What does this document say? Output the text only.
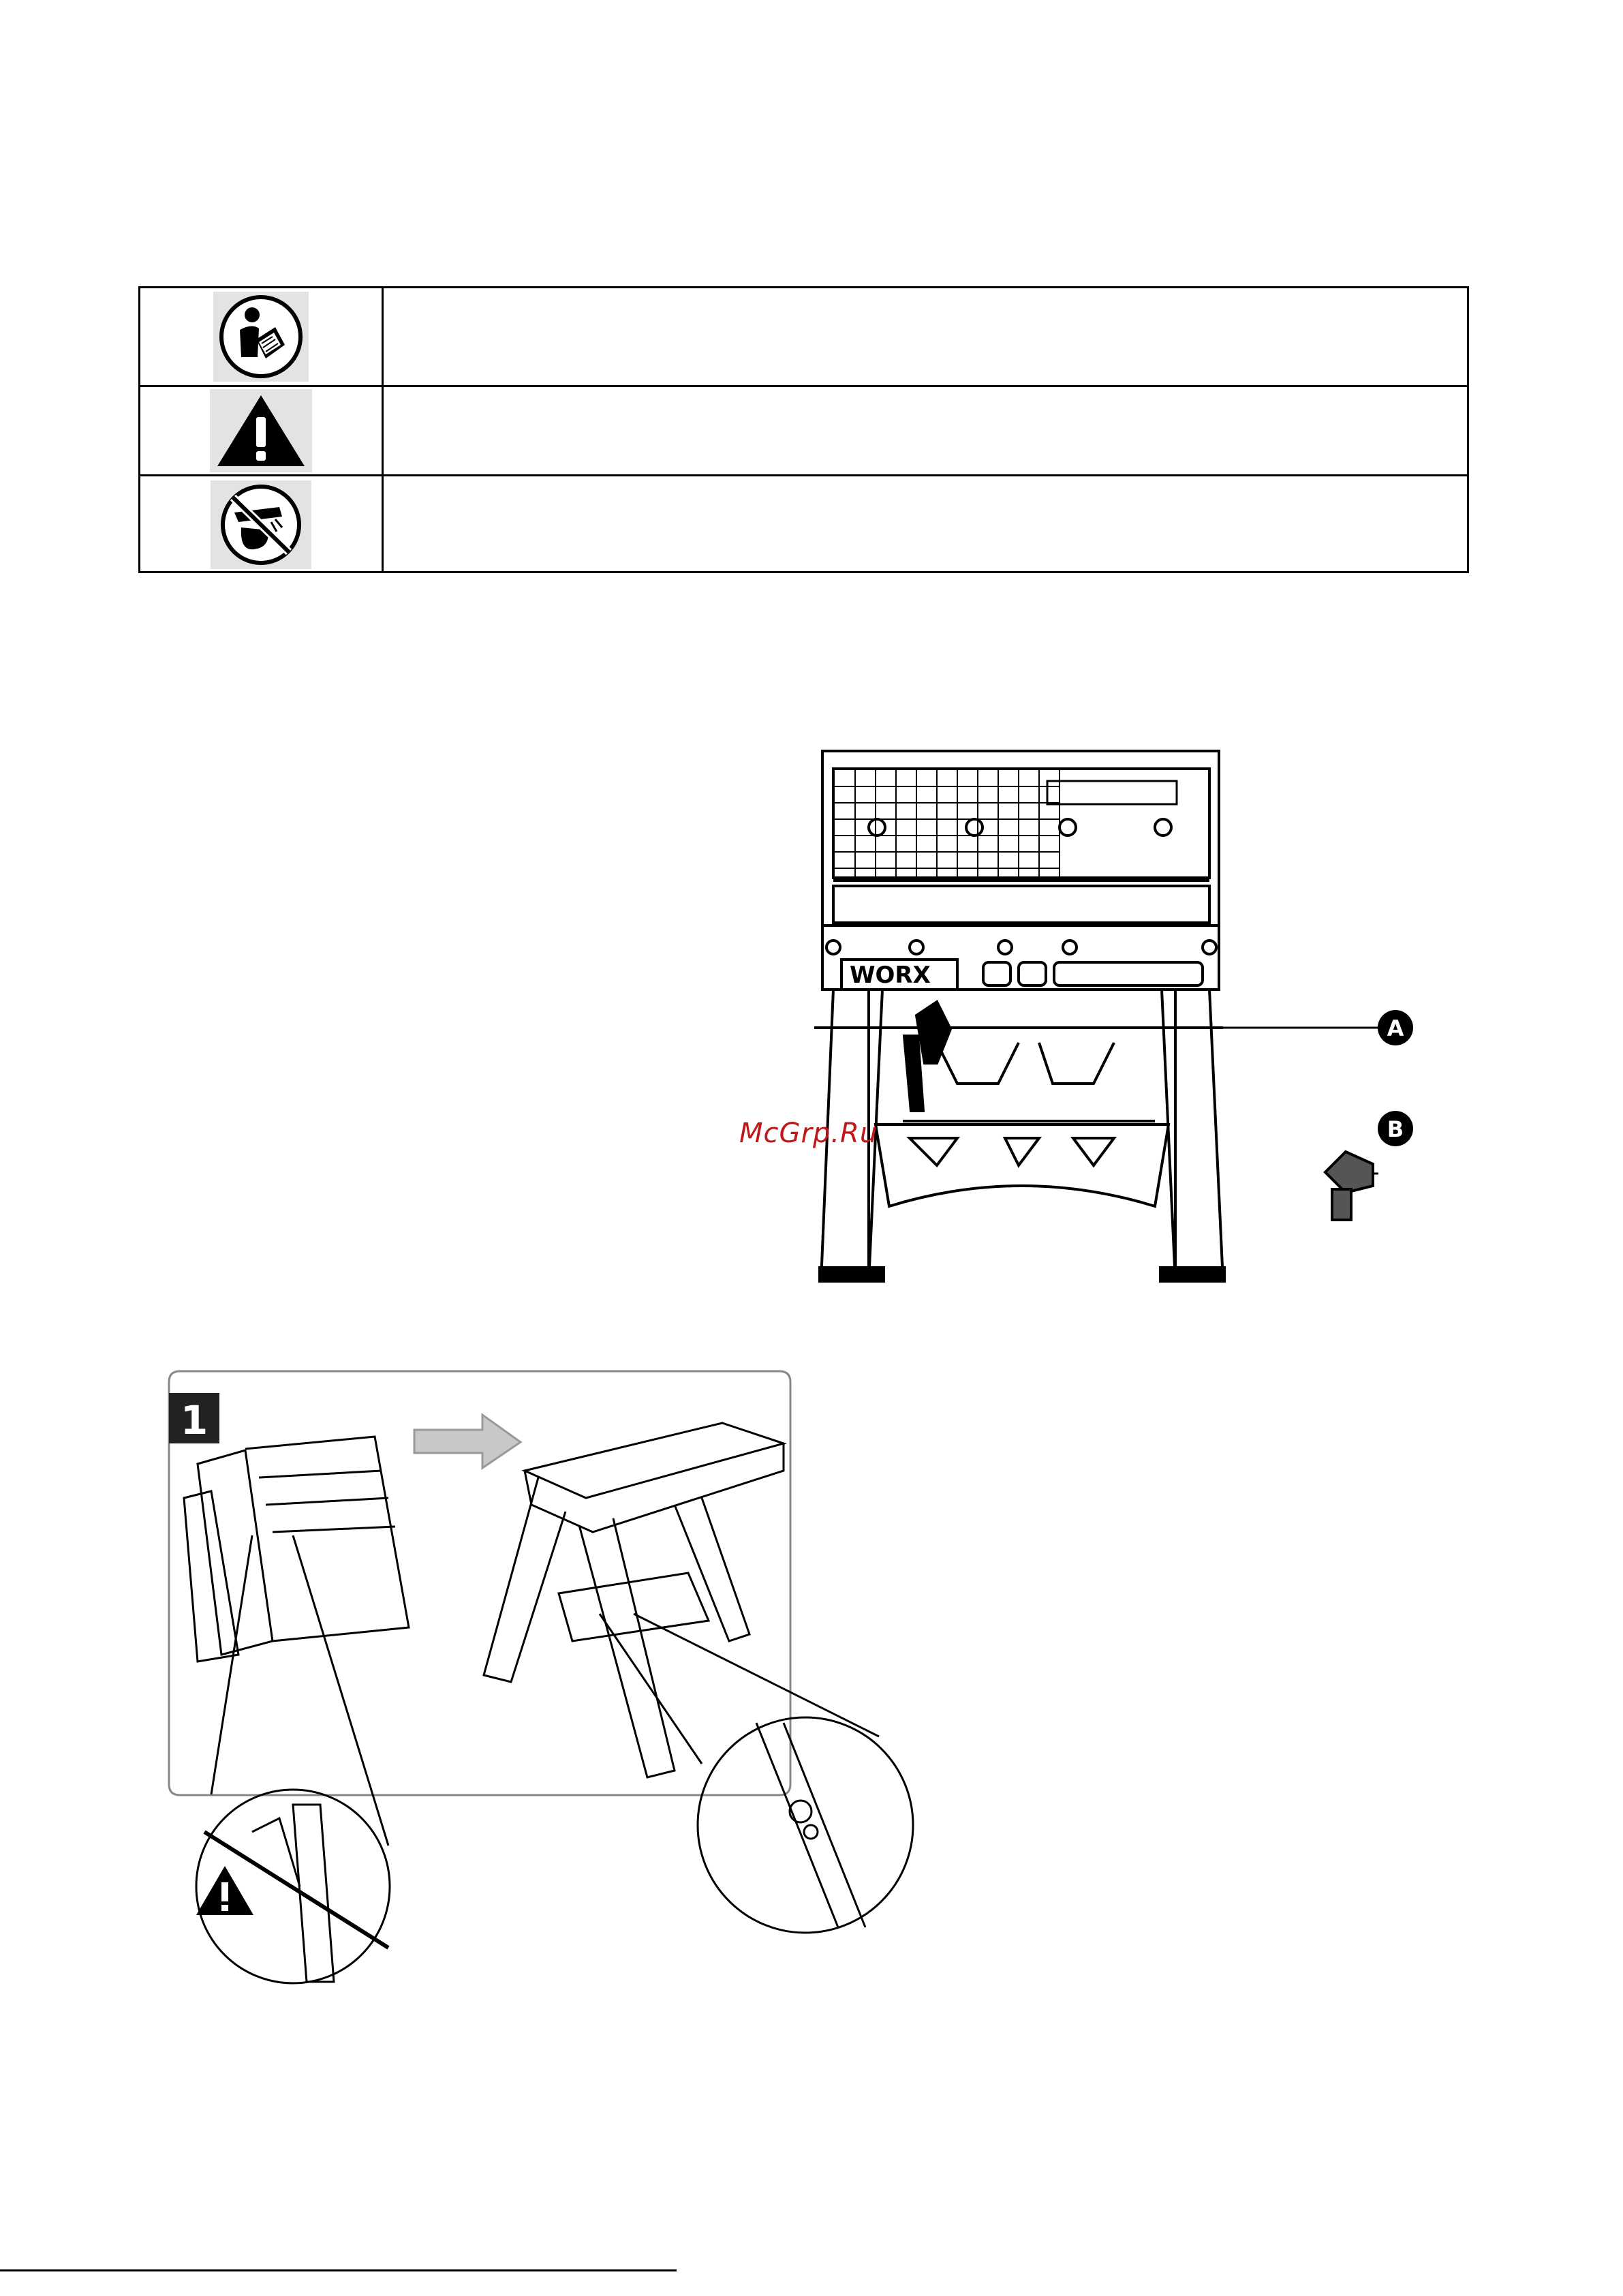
WORX
A
B
McGrp.Ru
1
